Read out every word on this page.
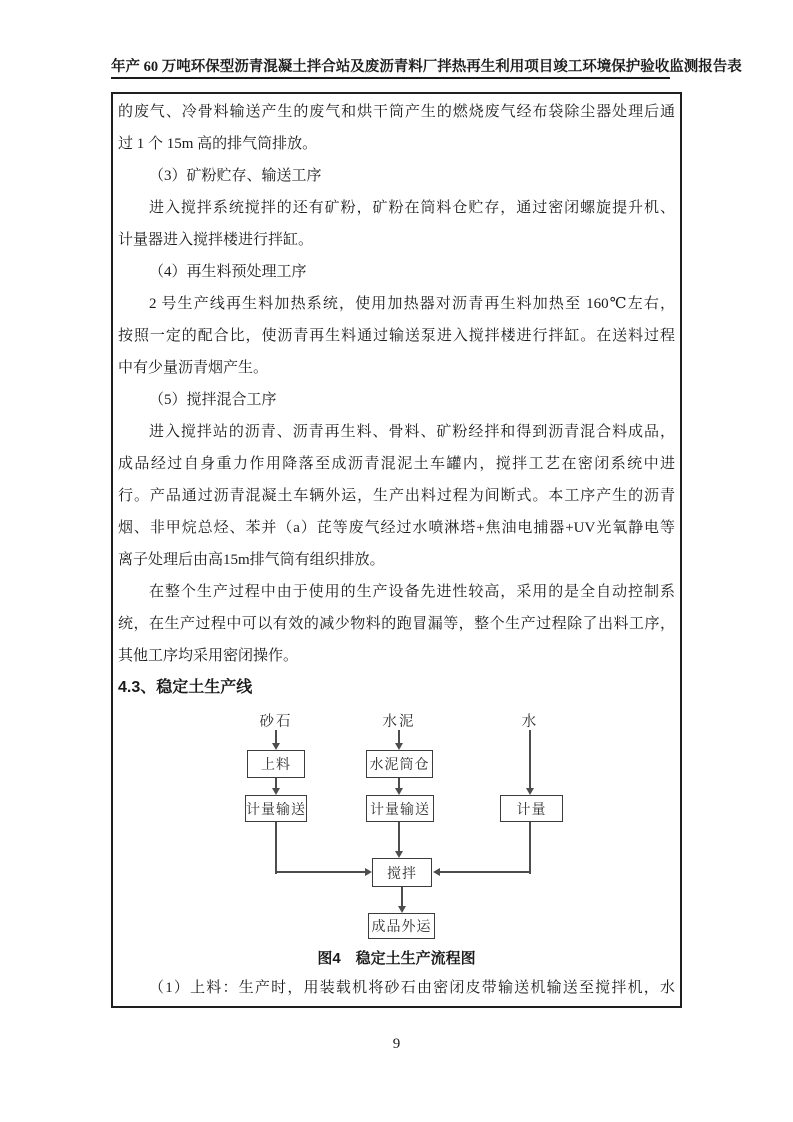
年产 60 万吨环保型沥青混凝土拌合站及废沥青料厂拌热再生利用项目竣工环境保护验收监测报告表
的废气、冷骨料输送产生的废气和烘干筒产生的燃烧废气经布袋除尘器处理后通
过 1 个 15m 高的排气筒排放。
（3）矿粉贮存、输送工序
进入搅拌系统搅拌的还有矿粉，矿粉在筒料仓贮存，通过密闭螺旋提升机、
计量器进入搅拌楼进行拌缸。
（4）再生料预处理工序
2 号生产线再生料加热系统，使用加热器对沥青再生料加热至 160℃左右，
按照一定的配合比，使沥青再生料通过输送泵进入搅拌楼进行拌缸。在送料过程
中有少量沥青烟产生。
（5）搅拌混合工序
进入搅拌站的沥青、沥青再生料、骨料、矿粉经拌和得到沥青混合料成品，
成品经过自身重力作用降落至成沥青混泥土车罐内，搅拌工艺在密闭系统中进
行。产品通过沥青混凝土车辆外运，生产出料过程为间断式。本工序产生的沥青
烟、非甲烷总烃、苯并（a）芘等废气经过水喷淋塔+焦油电捕器+UV光氧静电等
离子处理后由高15m排气筒有组织排放。
在整个生产过程中由于使用的生产设备先进性较高，采用的是全自动控制系
统，在生产过程中可以有效的减少物料的跑冒漏等，整个生产过程除了出料工序，
其他工序均采用密闭操作。
4.3、稳定土生产线
砂石	水泥	水
上料
计量输送
水泥筒仓
计量输送	计量
搅拌
成品外运
图4　稳定土生产流程图
（1）上料：生产时，用装载机将砂石由密闭皮带输送机输送至搅拌机，水
9
